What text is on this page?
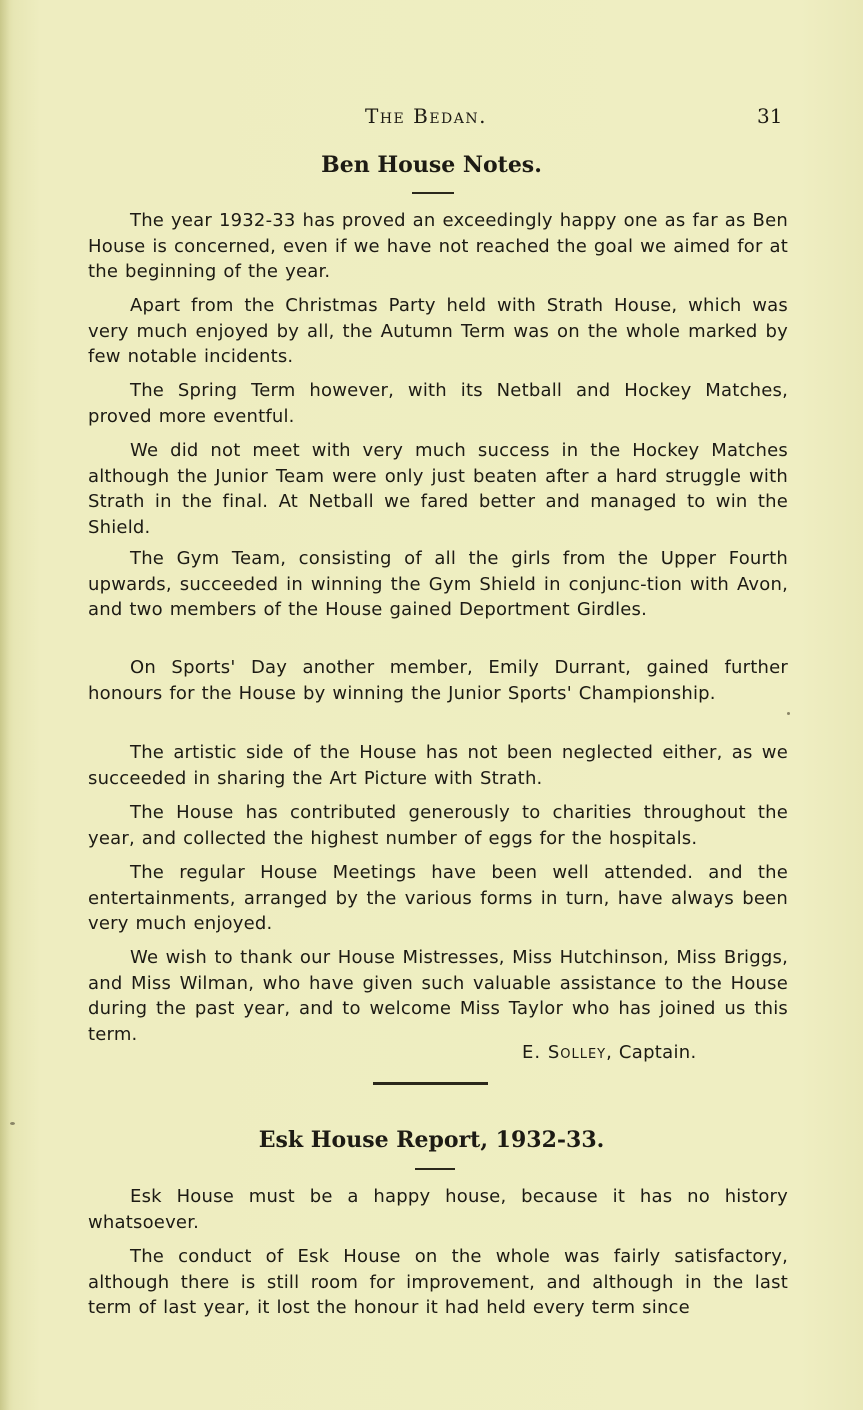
The Bedan.	31
Ben House Notes.

The year 1932-33 has proved an exceedingly happy one as far as Ben House is concerned, even if we have not reached the goal we aimed for at the beginning of the year.

Apart from the Christmas Party held with Strath House, which was very much enjoyed by all, the Autumn Term was on the whole marked by few notable incidents.

The Spring Term however, with its Netball and Hockey Matches, proved more eventful.

We did not meet with very much success in the Hockey Matches although the Junior Team were only just beaten after a hard struggle with Strath in the final. At Netball we fared better and managed to win the Shield.

The Gym Team, consisting of all the girls from the Upper Fourth upwards, succeeded in winning the Gym Shield in conjunc-tion with Avon, and two members of the House gained Deportment Girdles.

On Sports' Day another member, Emily Durrant, gained further honours for the House by winning the Junior Sports' Championship.

The artistic side of the House has not been neglected either, as we succeeded in sharing the Art Picture with Strath.

The House has contributed generously to charities throughout the year, and collected the highest number of eggs for the hospitals.

The regular House Meetings have been well attended. and the entertainments, arranged by the various forms in turn, have always been very much enjoyed.

We wish to thank our House Mistresses, Miss Hutchinson, Miss Briggs, and Miss Wilman, who have given such valuable assistance to the House during the past year, and to welcome Miss Taylor who has joined us this term.

E. Solley, Captain.
Esk House Report, 1932-33.

Esk House must be a happy house, because it has no history whatsoever.

The conduct of Esk House on the whole was fairly satisfactory, although there is still room for improvement, and although in the last term of last year, it lost the honour it had held every term since
